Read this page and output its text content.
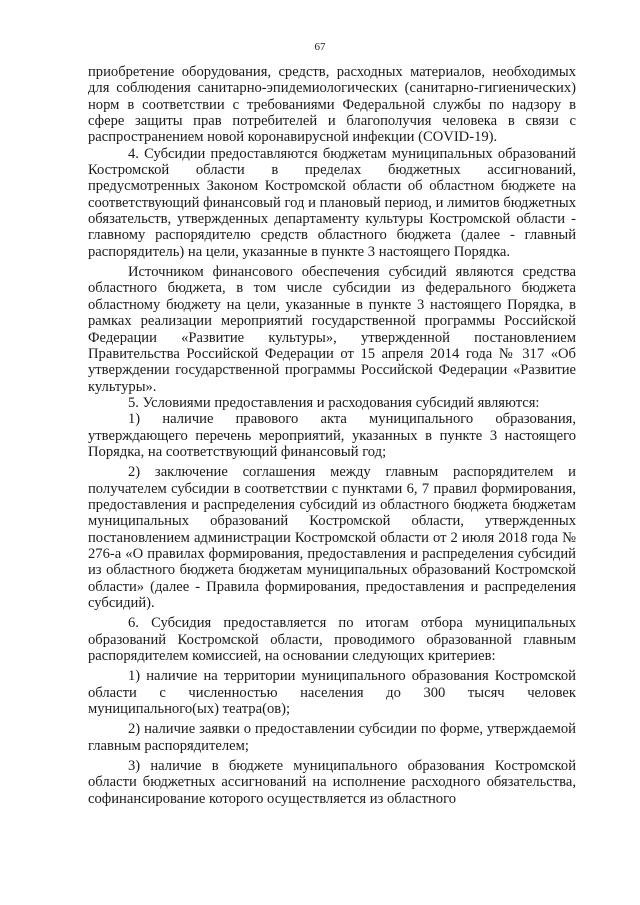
67

приобретение оборудования, средств, расходных материалов, необходимых для соблюдения санитарно-эпидемиологических (санитарно-гигиенических) норм в соответствии с требованиями Федеральной службы по надзору в сфере защиты прав потребителей и благополучия человека в связи с распространением новой коронавирусной инфекции (COVID-19).

4. Субсидии предоставляются бюджетам муниципальных образований Костромской области в пределах бюджетных ассигнований, предусмотренных Законом Костромской области об областном бюджете на соответствующий финансовый год и плановый период, и лимитов бюджетных обязательств, утвержденных департаменту культуры Костромской области - главному распорядителю средств областного бюджета (далее - главный распорядитель) на цели, указанные в пункте 3 настоящего Порядка.

Источником финансового обеспечения субсидий являются средства областного бюджета, в том числе субсидии из федерального бюджета областному бюджету на цели, указанные в пункте 3 настоящего Порядка, в рамках реализации мероприятий государственной программы Российской Федерации «Развитие культуры», утвержденной постановлением Правительства Российской Федерации от 15 апреля 2014 года № 317 «Об утверждении государственной программы Российской Федерации «Развитие культуры».

5. Условиями предоставления и расходования субсидий являются:

1) наличие правового акта муниципального образования, утверждающего перечень мероприятий, указанных в пункте 3 настоящего Порядка, на соответствующий финансовый год;

2) заключение соглашения между главным распорядителем и получателем субсидии в соответствии с пунктами 6, 7 правил формирования, предоставления и распределения субсидий из областного бюджета бюджетам муниципальных образований Костромской области, утвержденных постановлением администрации Костромской области от 2 июля 2018 года № 276-а «О правилах формирования, предоставления и распределения субсидий из областного бюджета бюджетам муниципальных образований Костромской области» (далее - Правила формирования, предоставления и распределения субсидий).

6. Субсидия предоставляется по итогам отбора муниципальных образований Костромской области, проводимого образованной главным распорядителем комиссией, на основании следующих критериев:

1) наличие на территории муниципального образования Костромской области с численностью населения до 300 тысяч человек муниципального(ых) театра(ов);

2) наличие заявки о предоставлении субсидии по форме, утверждаемой главным распорядителем;

3) наличие в бюджете муниципального образования Костромской области бюджетных ассигнований на исполнение расходного обязательства, софинансирование которого осуществляется из областного
